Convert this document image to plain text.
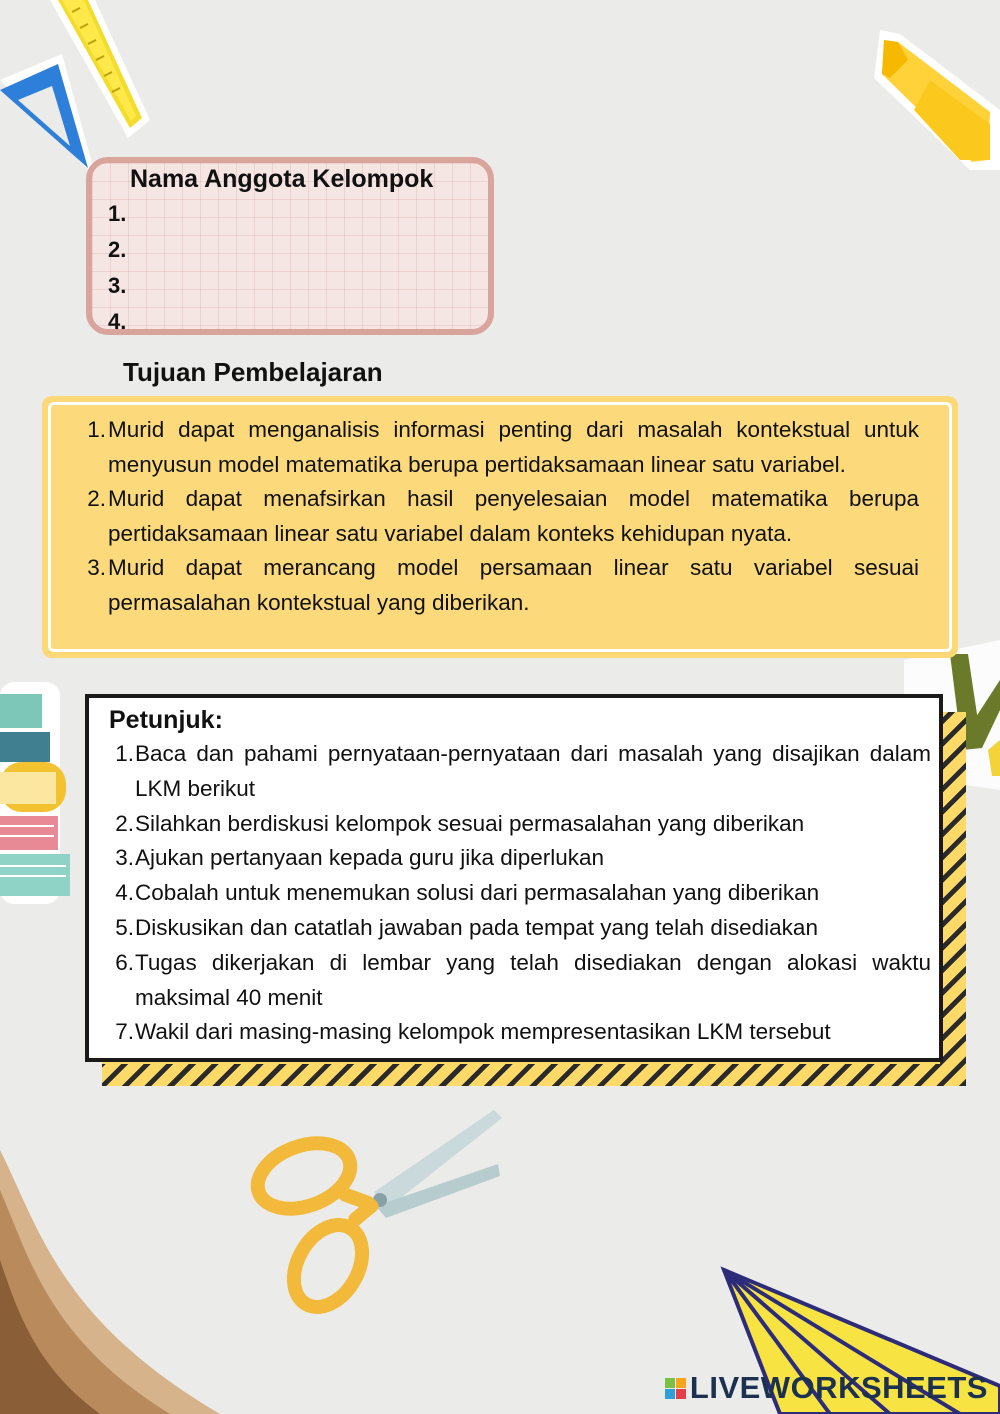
Nama Anggota Kelompok
1.
2.
3.
4.
Tujuan Pembelajaran
1. Murid dapat menganalisis informasi penting dari masalah kontekstual untuk menyusun model matematika berupa pertidaksamaan linear satu variabel.
2. Murid dapat menafsirkan hasil penyelesaian model matematika berupa pertidaksamaan linear satu variabel dalam konteks kehidupan nyata.
3. Murid dapat merancang model persamaan linear satu variabel sesuai permasalahan kontekstual yang diberikan.
Petunjuk:
1. Baca dan pahami pernyataan-pernyataan dari masalah yang disajikan dalam LKM berikut
2. Silahkan berdiskusi kelompok sesuai permasalahan yang diberikan
3. Ajukan pertanyaan kepada guru jika diperlukan
4. Cobalah untuk menemukan solusi dari permasalahan yang diberikan
5. Diskusikan dan catatlah jawaban pada tempat yang telah disediakan
6. Tugas dikerjakan di lembar yang telah disediakan dengan alokasi waktu maksimal 40 menit
7. Wakil dari masing-masing kelompok mempresentasikan LKM tersebut
LIVEWORKSHEETS
